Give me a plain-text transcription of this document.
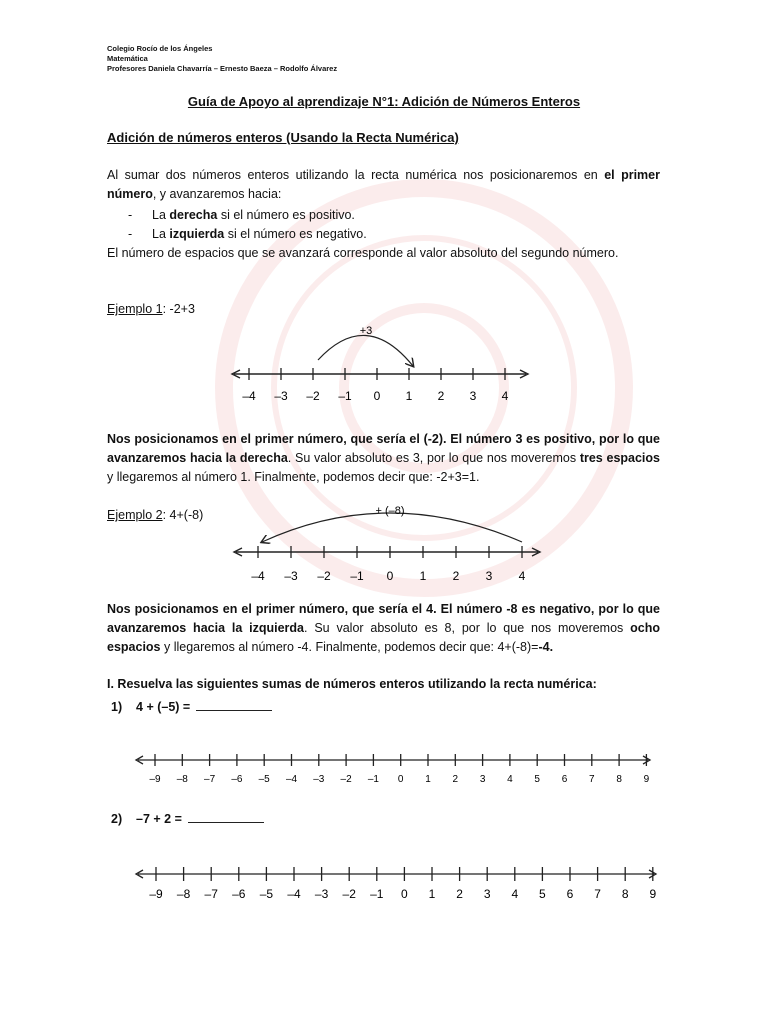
Colegio Rocío de los Ángeles
Matemática
Profesores Daniela Chavarría – Ernesto Baeza – Rodolfo Álvarez
Guía de Apoyo al aprendizaje N°1: Adición de Números Enteros
Adición de números enteros (Usando la Recta Numérica)
Al sumar dos números enteros utilizando la recta numérica nos posicionaremos en el primer número, y avanzaremos hacia:
-	La derecha si el número es positivo.
-	La izquierda si el número es negativo.
El número de espacios que se avanzará corresponde al valor absoluto del segundo número.
Ejemplo 1: -2+3
–4 –3 –2 –1 0 1 2 3 4
+3
Nos posicionamos en el primer número, que sería el (-2). El número 3 es positivo, por lo que avanzaremos hacia la derecha. Su valor absoluto es 3, por lo que nos moveremos tres espacios y llegaremos al número 1. Finalmente, podemos decir que: -2+3=1.
Ejemplo 2: 4+(-8)
–4 –3 –2 –1 0 1 2 3 4
+ (–8)
Nos posicionamos en el primer número, que sería el 4. El número -8 es negativo, por lo que avanzaremos hacia la izquierda. Su valor absoluto es 8, por lo que nos moveremos ocho espacios y llegaremos al número -4. Finalmente, podemos decir que: 4+(-8)=-4.
I. Resuelva las siguientes sumas de números enteros utilizando la recta numérica:
1) 4 + (–5) =
–9 –8 –7 –6 –5 –4 –3 –2 –1 0 1 2 3 4 5 6 7 8 9
2) –7 + 2 =
–9 –8 –7 –6 –5 –4 –3 –2 –1 0 1 2 3 4 5 6 7 8 9
